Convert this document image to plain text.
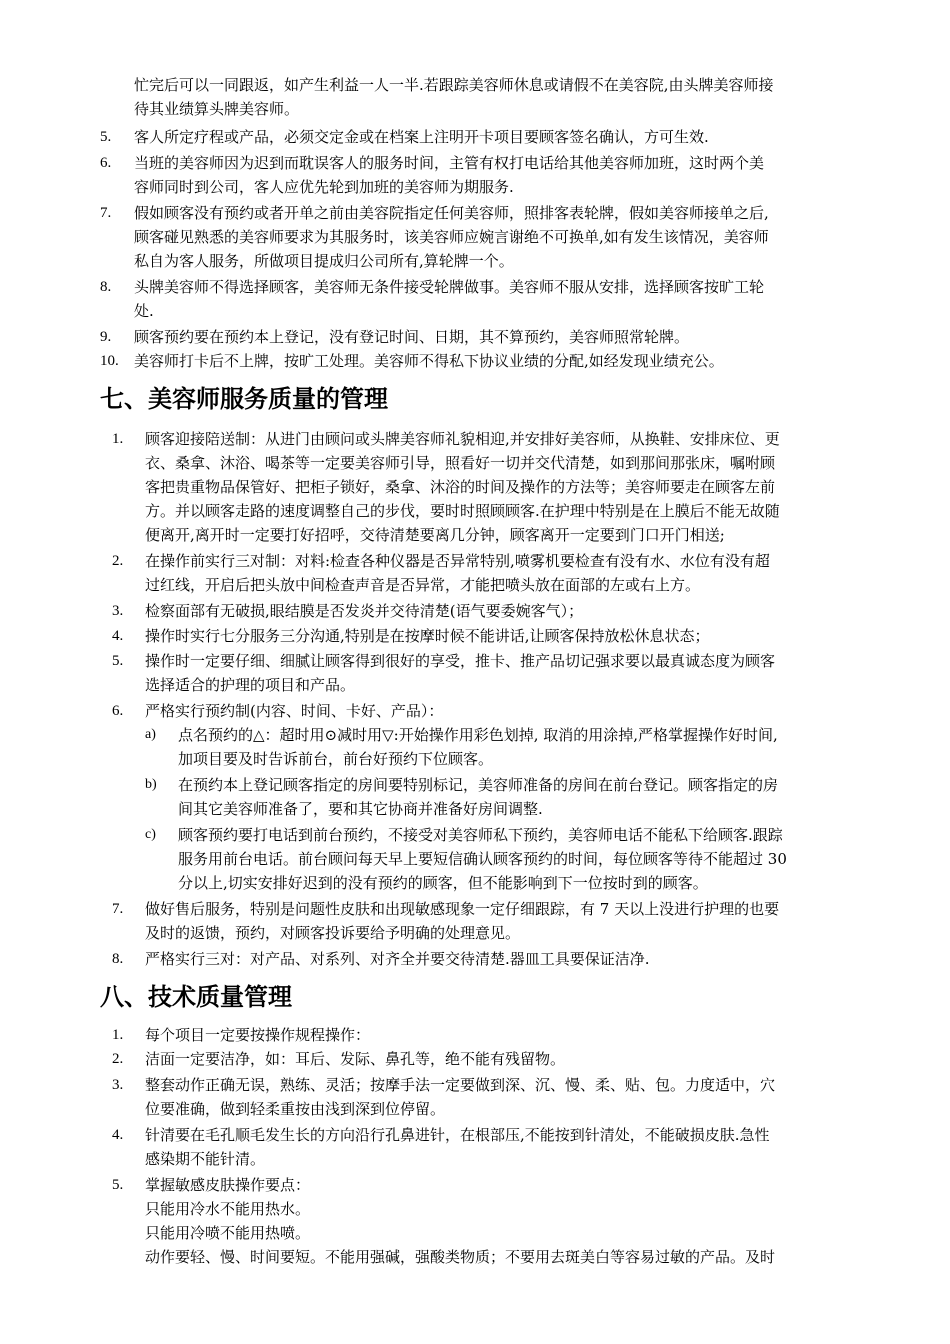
忙完后可以一同跟返，如产生利益一人一半.若跟踪美容师休息或请假不在美容院,由头牌美容师接
待其业绩算头牌美容师。
5. 客人所定疗程或产品，必须交定金或在档案上注明开卡项目要顾客签名确认，方可生效.
6. 当班的美容师因为迟到而耽误客人的服务时间，主管有权打电话给其他美容师加班，这时两个美
容师同时到公司，客人应优先轮到加班的美容师为期服务.
7. 假如顾客没有预约或者开单之前由美容院指定任何美容师，照排客表轮牌，假如美容师接单之后,
顾客碰见熟悉的美容师要求为其服务时，该美容师应婉言谢绝不可换单,如有发生该情况，美容师
私自为客人服务，所做项目提成归公司所有,算轮牌一个。
8. 头牌美容师不得选择顾客，美容师无条件接受轮牌做事。美容师不服从安排，选择顾客按旷工轮
处.
9. 顾客预约要在预约本上登记，没有登记时间、日期，其不算预约，美容师照常轮牌。
10. 美容师打卡后不上牌，按旷工处理。美容师不得私下协议业绩的分配,如经发现业绩充公。
七、美容师服务质量的管理
1. 顾客迎接陪送制：从进门由顾问或头牌美容师礼貌相迎,并安排好美容师，从换鞋、安排床位、更
衣、桑拿、沐浴、喝茶等一定要美容师引导，照看好一切并交代清楚，如到那间那张床，嘱咐顾
客把贵重物品保管好、把柜子锁好，桑拿、沐浴的时间及操作的方法等；美容师要走在顾客左前
方。并以顾客走路的速度调整自己的步伐，要时时照顾顾客.在护理中特别是在上膜后不能无故随
便离开,离开时一定要打好招呼，交待清楚要离几分钟，顾客离开一定要到门口开门相送;
2. 在操作前实行三对制：对料:检查各种仪器是否异常特别,喷雾机要检查有没有水、水位有没有超
过红线，开启后把头放中间检查声音是否异常，才能把喷头放在面部的左或右上方。
3. 检察面部有无破损,眼结膜是否发炎并交待清楚(语气要委婉客气）；
4. 操作时实行七分服务三分沟通,特别是在按摩时候不能讲话,让顾客保持放松休息状态；
5. 操作时一定要仔细、细腻让顾客得到很好的享受，推卡、推产品切记强求要以最真诚态度为顾客
选择适合的护理的项目和产品。
6. 严格实行预约制(内容、时间、卡好、产品）：
a) 点名预约的△：超时用⊙减时用▽:开始操作用彩色划掉, 取消的用涂掉,严格掌握操作好时间,
加项目要及时告诉前台，前台好预约下位顾客。
b) 在预约本上登记顾客指定的房间要特别标记，美容师准备的房间在前台登记。顾客指定的房
间其它美容师准备了，要和其它协商并准备好房间调整.
c) 顾客预约要打电话到前台预约，不接受对美容师私下预约，美容师电话不能私下给顾客.跟踪
服务用前台电话。前台顾问每天早上要短信确认顾客预约的时间，每位顾客等待不能超过 30
分以上,切实安排好迟到的没有预约的顾客，但不能影响到下一位按时到的顾客。
7. 做好售后服务，特别是问题性皮肤和出现敏感现象一定仔细跟踪，有 7 天以上没进行护理的也要
及时的返馈，预约，对顾客投诉要给予明确的处理意见。
8. 严格实行三对：对产品、对系列、对齐全并要交待清楚.器皿工具要保证洁净.
八、技术质量管理
1. 每个项目一定要按操作规程操作：
2. 洁面一定要洁净，如：耳后、发际、鼻孔等，绝不能有残留物。
3. 整套动作正确无误，熟练、灵活；按摩手法一定要做到深、沉、慢、柔、贴、包。力度适中，穴
位要准确，做到轻柔重按由浅到深到位停留。
4. 针清要在毛孔顺毛发生长的方向沿行孔鼻进针，在根部压,不能按到针清处，不能破损皮肤.急性
感染期不能针清。
5. 掌握敏感皮肤操作要点：
只能用冷水不能用热水。
只能用冷喷不能用热喷。
动作要轻、慢、时间要短。不能用强碱，强酸类物质；不要用去斑美白等容易过敏的产品。及时
